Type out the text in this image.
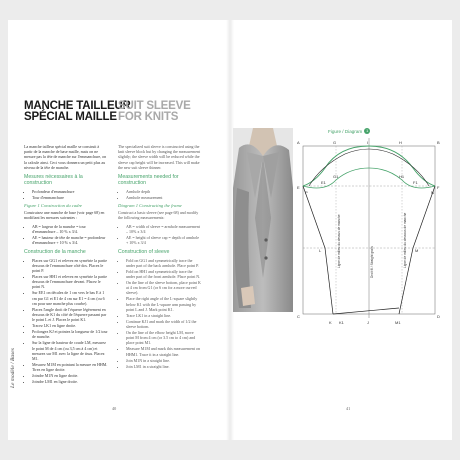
Le modèle / Bases
MANCHE TAILLEUR
SPÉCIAL MAILLE
SUIT SLEEVE
FOR KNITS

La manche tailleur spécial maille se construit à partir de la manche de base maille, mais on ne mesure pas la tête de manche sur l'emmanchure, on la calcule ainsi. Ceci vous donnera un petit plus au niveau de la tête de manche.

Mesures nécessaires à la construction
• Profondeur d'emmanchure
• Tour d'emmanchure
Figure 1 Construction du cadre

Construisez une manche de base (voir page 68) en modifiant les mesures suivantes :

• AB = largeur de la manche = tour d'emmanchure – 10 % x 3/4.
• AE = hauteur de tête de manche = profondeur d'emmanchure + 10 % x 3/4.
Construction de la manche
• Placez sur GG1 et relevez en symétrie la partie dessous de l'emmanchure côté dos. Placez le point P.
• Placez sur HH1 et relevez en symétrie la partie dessous de l'emmanchure devant. Placez le point N.
• Sur EE1 on décalez de 1 cm vers le bas E à 1 cm par G1 et E1 de 4 cm sur E1 = 4 cm (ou 6 cm pour une manche plus courbe).
• Placez l'angle droit de l'équerre légèrement en dessous de K1 du côté de l'équerre passant par le point L et J. Placez le point K1.
• Tracez LK1 en ligne droite.
• Prolongez KJ et pointez la longueur de 1/2 tour de manche.
• Sur la ligne de hauteur de coude LM, mesurez le point M de 4 cm (ou 3,5 cm à 4 cm) et mesurez sur M1 avec la ligne de tissu. Placez M1.
• Mesurez M1M en pointant la mesure en HHM. Tirez en ligne droite.
• Joindre M1N en ligne droite.
• Joindre LM1 en ligne droite.

The specialized suit sleeve is constructed using the knit sleeve block but by changing the measurement slightly; the sleeve width will be reduced while the sleeve cap height will be increased. This will make the new suit sleeve thinner.

Measurements needed for construction
• Armhole depth
• Armhole measurement
Diagram 1 Constructing the frame

Construct a basic sleeve (see page 68) and modify the following measurements:

• AB = width of sleeve = armhole measurement – 10% x 3/4
• AE = height of sleeve cap = depth of armhole + 10% x 3/4
Construction of sleeve
• Fold on GG1 and symmetrically trace the under part of the back armhole. Place point P.
• Fold on HH1 and symmetrically trace the under part of the front armhole. Place point N.
• On the line of the sleeve bottom, place point K at 4 cm from G1 (or 6 cm for a more curved sleeve).
• Place the right angle of the L-square slightly below K1 with the L-square arm passing by point L and J. Mark point K1.
• Trace LK1 in a straight line.
• Continue KJ1 and mark the width of 1/2 the sleeve bottom.
• On the line of the elbow height LM, move point M from 4 cm (or 3.5 cm to 4 cm) and place point M1.
• Measure M1M and mark this measurement on HHM1. Trace it in a straight line.
• Join M1N in a straight line.
• Join LM1 in a straight line.
40	41
Figure / Diagram 1
Ligne de milieu du dessus de manche	Ligne de milieu du dessous de manche
Droit fil / Straight grain
A	B
C	D
E	F
G	H
I
J
K
L	M
N
P
E1	F1
G1	H1
K1	M1
